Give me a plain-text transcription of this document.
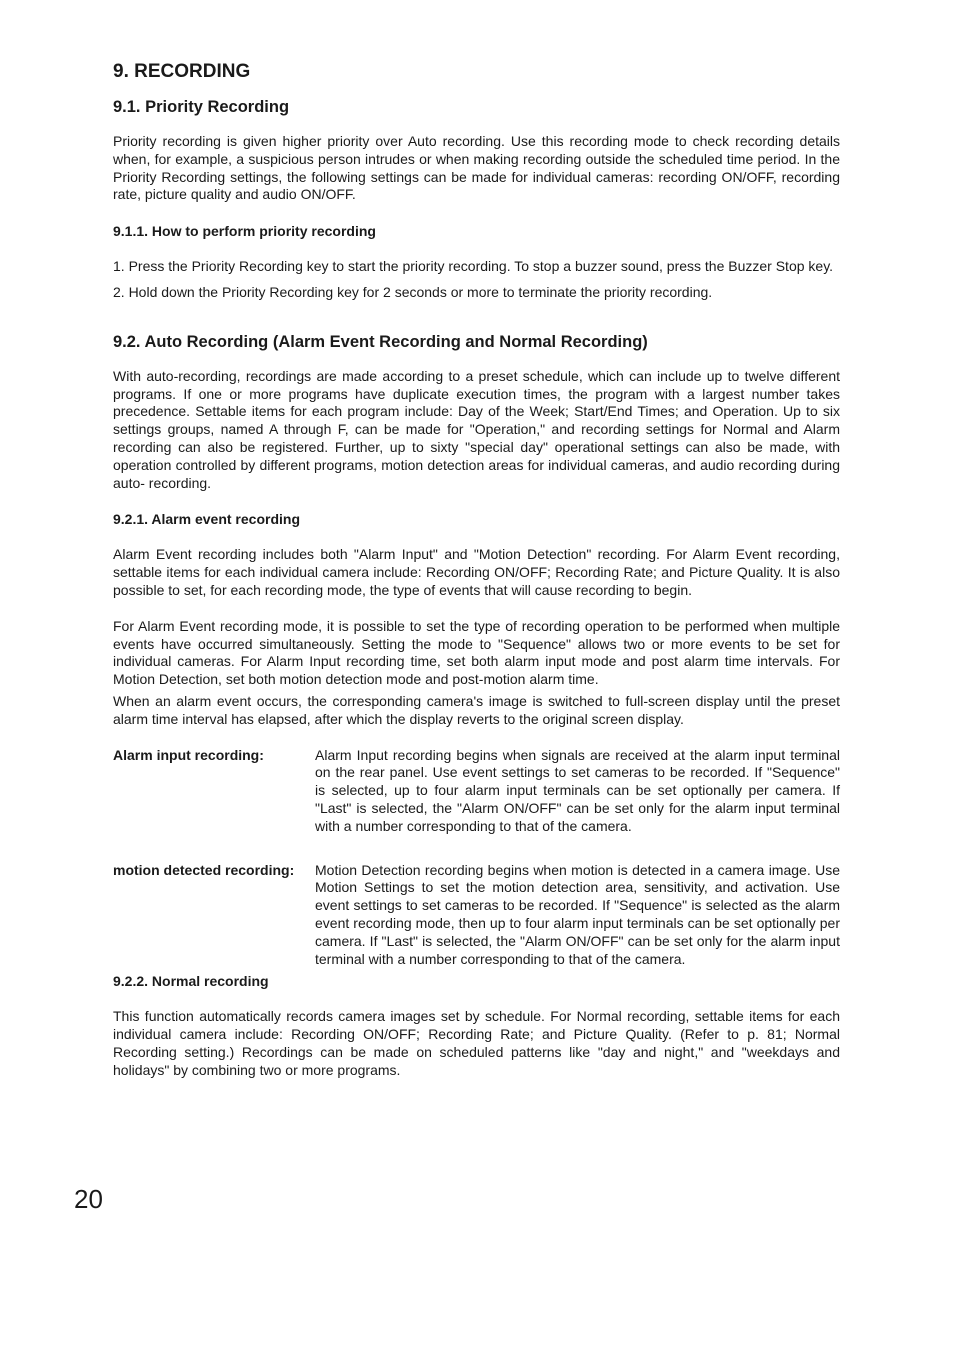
9. RECORDING
9.1. Priority Recording

Priority recording is given higher priority over Auto recording. Use this recording mode to check recording details when, for example, a suspicious person intrudes or when making recording outside the scheduled time period. In the Priority Recording settings, the following settings can be made for individual cameras: recording ON/OFF, recording rate, picture quality and audio ON/OFF.

9.1.1. How to perform priority recording
1. Press the Priority Recording key to start the priority recording. To stop a buzzer sound, press the Buzzer Stop key.
2. Hold down the Priority Recording key for 2 seconds or more to terminate the priority recording.
9.2. Auto Recording (Alarm Event Recording and Normal Recording)

With auto-recording, recordings are made according to a preset schedule, which can include up to twelve different programs. If one or more programs have duplicate execution times, the program with a largest number takes precedence. Settable items for each program include: Day of the Week; Start/End Times; and Operation. Up to six settings groups, named A through F, can be made for "Operation," and recording settings for Normal and Alarm recording can also be registered. Further, up to sixty "special day" operational settings can also be made, with operation controlled by different programs, motion detection areas for individual cameras, and audio recording during auto- recording.

9.2.1. Alarm event recording

Alarm Event recording includes both "Alarm Input" and "Motion Detection" recording. For Alarm Event recording, settable items for each individual camera include: Recording ON/OFF; Recording Rate; and Picture Quality. It is also possible to set, for each recording mode, the type of events that will cause recording to begin.

For Alarm Event recording mode, it is possible to set the type of recording operation to be performed when multiple events have occurred simultaneously. Setting the mode to "Sequence" allows two or more events to be set for individual cameras. For Alarm Input recording time, set both alarm input mode and post alarm time intervals. For Motion Detection, set both motion detection mode and post-motion alarm time.

When an alarm event occurs, the corresponding camera's image is switched to full-screen display until the preset alarm time interval has elapsed, after which the display reverts to the original screen display.

Alarm input recording:	Alarm Input recording begins when signals are received at the alarm input terminal on the rear panel. Use event settings to set cameras to be recorded. If "Sequence" is selected, up to four alarm input terminals can be set optionally per camera. If "Last" is selected, the "Alarm ON/OFF" can be set only for the alarm input terminal with a number corresponding to that of the camera.
motion detected recording:	Motion Detection recording begins when motion is detected in a camera image. Use Motion Settings to set the motion detection area, sensitivity, and activation. Use event settings to set cameras to be recorded. If "Sequence" is selected as the alarm event recording mode, then up to four alarm input terminals can be set optionally per camera. If "Last" is selected, the "Alarm ON/OFF" can be set only for the alarm input terminal with a number corresponding to that of the camera.
9.2.2. Normal recording

This function automatically records camera images set by schedule. For Normal recording, settable items for each individual camera include: Recording ON/OFF; Recording Rate; and Picture Quality. (Refer to p. 81; Normal Recording setting.) Recordings can be made on scheduled patterns like "day and night," and "weekdays and holidays" by combining two or more programs.

20
